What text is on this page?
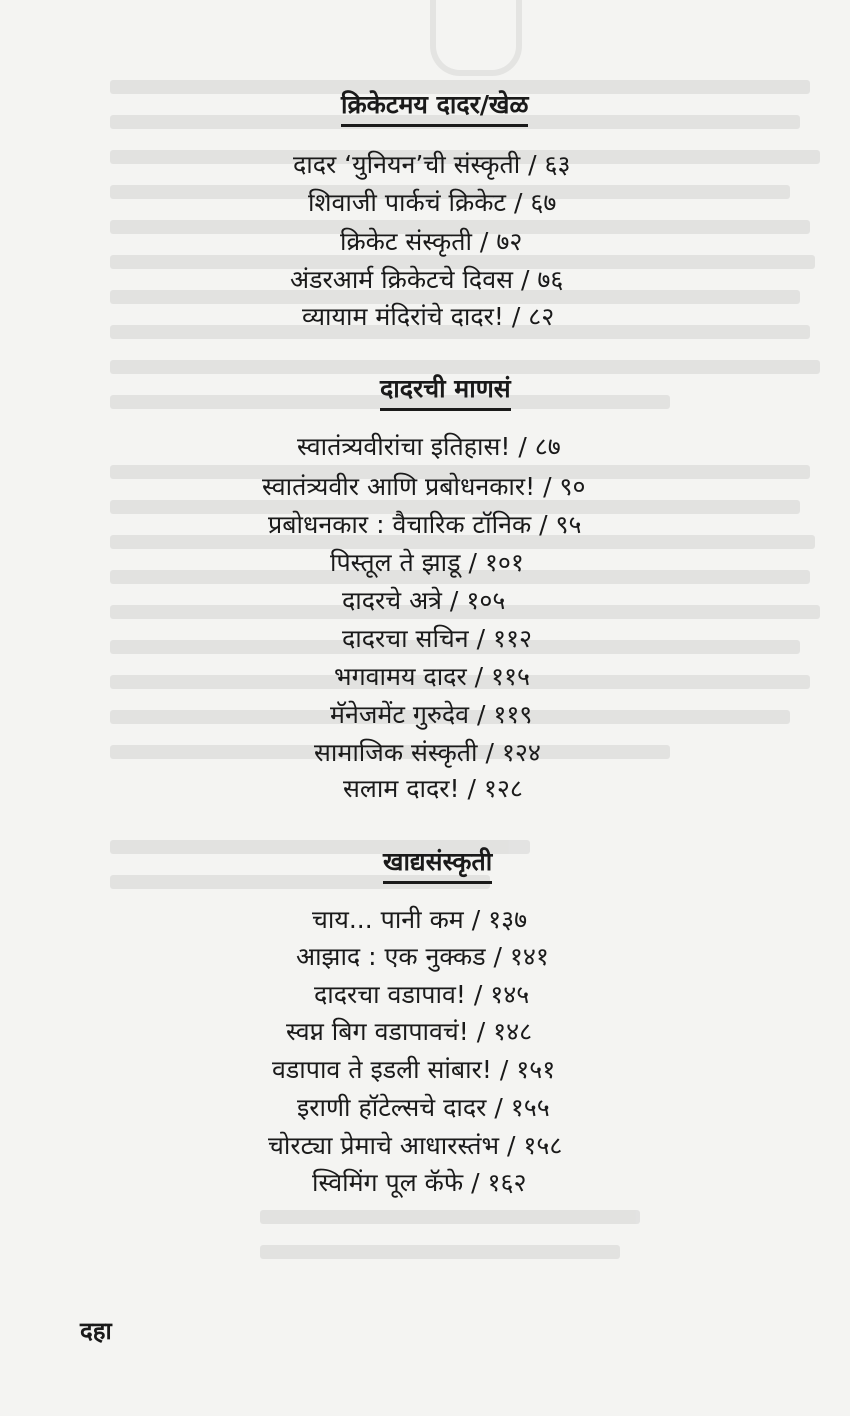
क्रिकेटमय दादर/खेळ
दादर ‘युनियन’ची संस्कृती / ६३
शिवाजी पार्कचं क्रिकेट / ६७
क्रिकेट संस्कृती / ७२
अंडरआर्म क्रिकेटचे दिवस / ७६
व्यायाम मंदिरांचे दादर! / ८२
दादरची माणसं
स्वातंत्र्यवीरांचा इतिहास! / ८७
स्वातंत्र्यवीर आणि प्रबोधनकार! / ९०
प्रबोधनकार : वैचारिक टॉनिक / ९५
पिस्तूल ते झाडू / १०१
दादरचे अत्रे / १०५
दादरचा सचिन / ११२
भगवामय दादर / ११५
मॅनेजमेंट गुरुदेव / ११९
सामाजिक संस्कृती / १२४
सलाम दादर! / १२८
खाद्यसंस्कृती
चाय... पानी कम / १३७
आझाद : एक नुक्कड / १४१
दादरचा वडापाव! / १४५
स्वप्न बिग वडापावचं! / १४८
वडापाव ते इडली सांबार! / १५१
इराणी हॉटेल्सचे दादर / १५५
चोरट्या प्रेमाचे आधारस्तंभ / १५८
स्विमिंग पूल कॅफे / १६२
दहा
